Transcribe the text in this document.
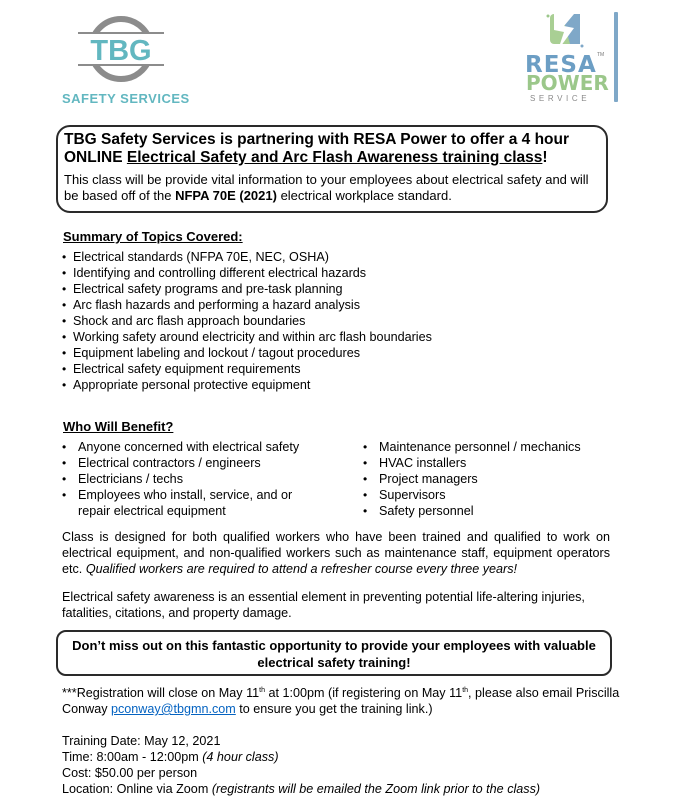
TBG
SAFETY SERVICES
RESA TM
POWER
SERVICE
TBG Safety Services is partnering with RESA Power to offer a 4 hour ONLINE Electrical Safety and Arc Flash Awareness training class!
This class will be provide vital information to your employees about electrical safety and will be based off of the NFPA 70E (2021) electrical workplace standard.
Summary of Topics Covered:
• Electrical standards (NFPA 70E, NEC, OSHA)
• Identifying and controlling different electrical hazards
• Electrical safety programs and pre-task planning
• Arc flash hazards and performing a hazard analysis
• Shock and arc flash approach boundaries
• Working safety around electricity and within arc flash boundaries
• Equipment labeling and lockout / tagout procedures
• Electrical safety equipment requirements
• Appropriate personal protective equipment
Who Will Benefit?
• Anyone concerned with electrical safety
• Electrical contractors / engineers
• Electricians / techs
• Employees who install, service, and or repair electrical equipment
• Maintenance personnel / mechanics
• HVAC installers
• Project managers
• Supervisors
• Safety personnel
Class is designed for both qualified workers who have been trained and qualified to work on electrical equipment, and non-qualified workers such as maintenance staff, equipment operators etc. Qualified workers are required to attend a refresher course every three years!
Electrical safety awareness is an essential element in preventing potential life-altering injuries, fatalities, citations, and property damage.
Don’t miss out on this fantastic opportunity to provide your employees with valuable electrical safety training!
***Registration will close on May 11th at 1:00pm (if registering on May 11th, please also email Priscilla Conway pconway@tbgmn.com to ensure you get the training link.)
Training Date: May 12, 2021
Time: 8:00am - 12:00pm (4 hour class)
Cost: $50.00 per person
Location: Online via Zoom (registrants will be emailed the Zoom link prior to the class)
